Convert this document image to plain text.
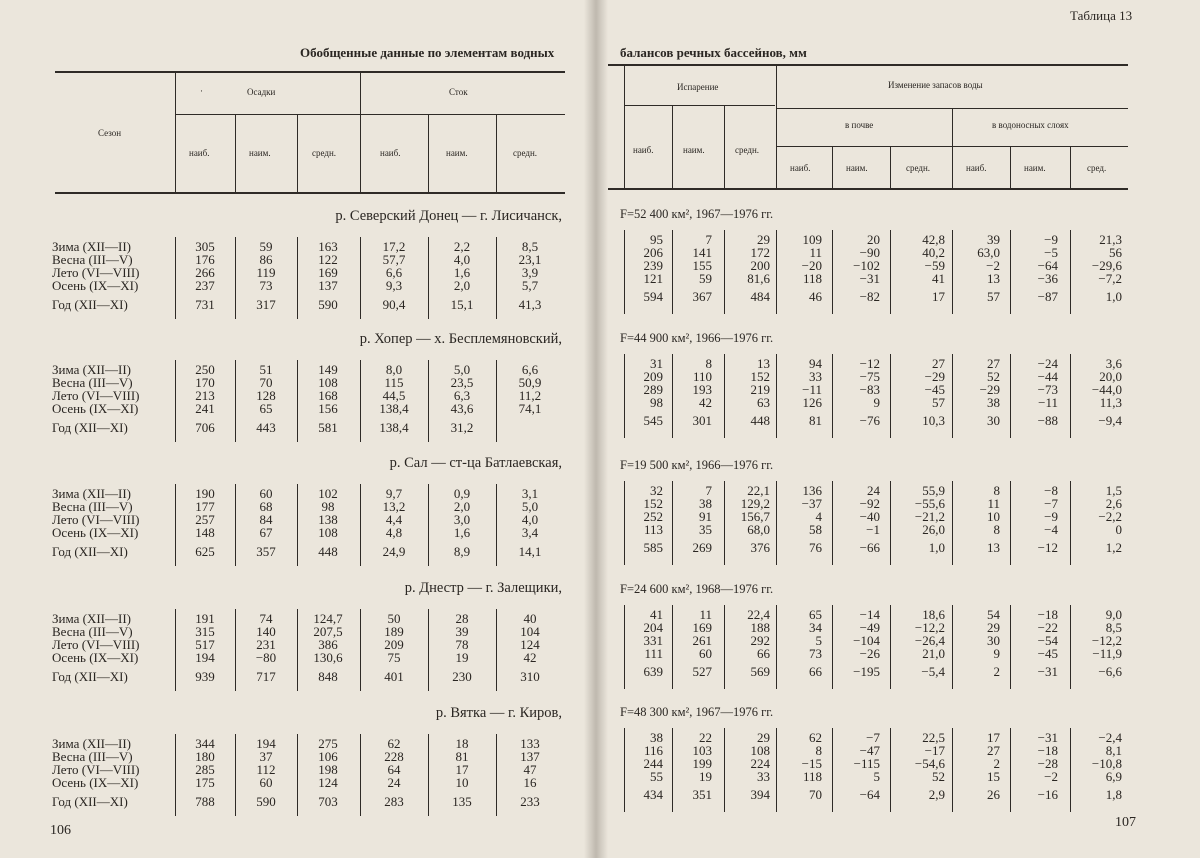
Обобщенные данные по элементам водных
Сезон
·	Осадки	Сток
наиб.	наим.	средн.	наиб.	наим.	средн.
р. Северский Донец — г. Лисичанск,
Зима (XII—II)	305	59	163	17,2	2,2	8,5
Весна (III—V)	176	86	122	57,7	4,0	23,1
Лето (VI—VIII)	266	119	169	6,6	1,6	3,9
Осень (IX—XI)	237	73	137	9,3	2,0	5,7
Год (XII—XI)	731	317	590	90,4	15,1	41,3
р. Хопер — х. Бесплемяновский,
Зима (XII—II)	250	51	149	8,0	5,0	6,6
Весна (III—V)	170	70	108	115	23,5	50,9
Лето (VI—VIII)	213	128	168	44,5	6,3	11,2
Осень (IX—XI)	241	65	156	138,4	43,6	74,1
Год (XII—XI)	706	443	581	138,4	31,2
р. Сал — ст-ца Батлаевская,
Зима (XII—II)	190	60	102	9,7	0,9	3,1
Весна (III—V)	177	68	98	13,2	2,0	5,0
Лето (VI—VIII)	257	84	138	4,4	3,0	4,0
Осень (IX—XI)	148	67	108	4,8	1,6	3,4
Год (XII—XI)	625	357	448	24,9	8,9	14,1
р. Днестр — г. Залещики,
Зима (XII—II)	191	74	124,7	50	28	40
Весна (III—V)	315	140	207,5	189	39	104
Лето (VI—VIII)	517	231	386	209	78	124
Осень (IX—XI)	194	−80	130,6	75	19	42
Год (XII—XI)	939	717	848	401	230	310
р. Вятка — г. Киров,
Зима (XII—II)	344	194	275	62	18	133
Весна (III—V)	180	37	106	228	81	137
Лето (VI—VIII)	285	112	198	64	17	47
Осень (IX—XI)	175	60	124	24	10	16
Год (XII—XI)	788	590	703	283	135	233
106
Таблица 13
балансов речных бассейнов, мм
Испарение	Изменение запасов воды
в почве	в водоносных слоях
наиб.	наим.	средн.
наиб.	наим.	средн.	наиб.	наим.	сред.
F=52 400 км², 1967—1976 гг.
95	7	29	109	20	42,8	39	−9	21,3
206	141	172	11	−90	40,2	63,0	−5	56
239	155	200	−20	−102	−59	−2	−64	−29,6
121	59	81,6	118	−31	41	13	−36	−7,2
594	367	484	46	−82	17	57	−87	1,0
F=44 900 км², 1966—1976 гг.
31	8	13	94	−12	27	27	−24	3,6
209	110	152	33	−75	−29	52	−44	20,0
289	193	219	−11	−83	−45	−29	−73	−44,0
98	42	63	126	9	57	38	−11	11,3
545	301	448	81	−76	10,3	30	−88	−9,4
F=19 500 км², 1966—1976 гг.
32	7	22,1	136	24	55,9	8	−8	1,5
152	38	129,2	−37	−92	−55,6	11	−7	2,6
252	91	156,7	4	−40	−21,2	10	−9	−2,2
113	35	68,0	58	−1	26,0	8	−4	0
585	269	376	76	−66	1,0	13	−12	1,2
F=24 600 км², 1968—1976 гг.
41	11	22,4	65	−14	18,6	54	−18	9,0
204	169	188	34	−49	−12,2	29	−22	8,5
331	261	292	5	−104	−26,4	30	−54	−12,2
111	60	66	73	−26	21,0	9	−45	−11,9
639	527	569	66	−195	−5,4	2	−31	−6,6
F=48 300 км², 1967—1976 гг.
38	22	29	62	−7	22,5	17	−31	−2,4
116	103	108	8	−47	−17	27	−18	8,1
244	199	224	−15	−115	−54,6	2	−28	−10,8
55	19	33	118	5	52	15	−2	6,9
434	351	394	70	−64	2,9	26	−16	1,8
107
